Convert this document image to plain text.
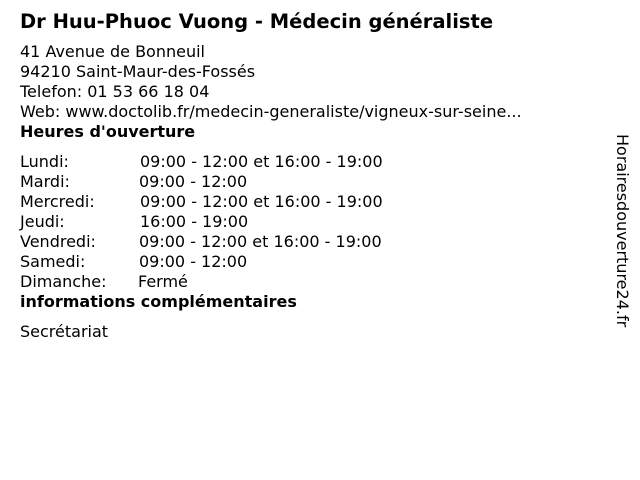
Dr Huu-Phuoc Vuong - Médecin généraliste
41 Avenue de Bonneuil
94210 Saint-Maur-des-Fossés
Telefon: 01 53 66 18 04
Web: www.doctolib.fr/medecin-generaliste/vigneux-sur-seine...
Heures d'ouverture
Lundi:	09:00 - 12:00 et 16:00 - 19:00
Mardi:	09:00 - 12:00
Mercredi:	09:00 - 12:00 et 16:00 - 19:00
Jeudi:	16:00 - 19:00
Vendredi:	09:00 - 12:00 et 16:00 - 19:00
Samedi:	09:00 - 12:00
Dimanche: Fermé
informations complémentaires
Secrétariat
Horairesdouverture24.fr
